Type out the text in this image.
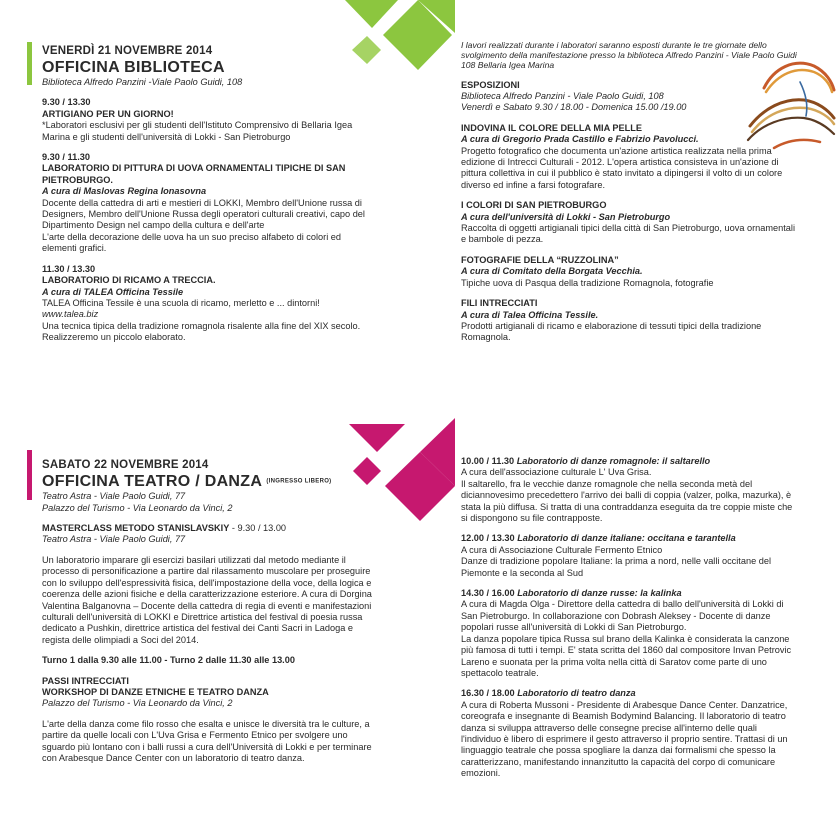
VENERDÌ 21 NOVEMBRE 2014
OFFICINA BIBLIOTECA
Biblioteca Alfredo Panzini -Viale Paolo Guidi, 108
9.30 / 13.30
ARTIGIANO PER UN GIORNO!
*Laboratori esclusivi per gli studenti dell'Istituto Comprensivo di Bellaria Igea Marina e gli studenti dell'università di Lokki - San Pietroburgo
9.30 / 11.30
LABORATORIO DI PITTURA DI UOVA ORNAMENTALI TIPICHE DI SAN PIETROBURGO.
A cura di Maslovas Regina Ionasovna
Docente della cattedra di arti e mestieri di LOKKI, Membro dell'Unione russa di Designers, Membro dell'Unione Russa degli operatori culturali creativi, capo del Dipartimento Design nel campo della cultura e dell'arte
L'arte della decorazione delle uova ha un suo preciso alfabeto di colori ed elementi grafici.
11.30 / 13.30
LABORATORIO DI RICAMO A TRECCIA.
A cura di TALEA Officina Tessile
TALEA Officina Tessile è una scuola di ricamo, merletto e ... dintorni!
www.talea.biz
Una tecnica tipica della tradizione romagnola risalente alla fine del XIX secolo. Realizzeremo un piccolo elaborato.
I lavori realizzati durante i laboratori saranno esposti durante le tre giornate dello svolgimento della manifestazione presso la biblioteca Alfredo Panzini - Viale Paolo Guidi 108 Bellaria Igea Marina
ESPOSIZIONI
Biblioteca Alfredo Panzini - Viale Paolo Guidi, 108
Venerdì e Sabato 9.30 / 18.00 - Domenica 15.00 /19.00
INDOVINA IL COLORE DELLA MIA PELLE
A cura di Gregorio Prada Castillo e Fabrizio Pavolucci.
Progetto fotografico che documenta un'azione artistica realizzata nella prima edizione di Intrecci Culturali - 2012. L'opera artistica consisteva in un'azione di pittura collettiva in cui il pubblico è stato invitato a dipingersi il volto di un colore diverso ed infine a farsi fotografare.
I COLORI DI SAN PIETROBURGO
A cura dell'università di Lokki - San Pietroburgo
Raccolta di oggetti artigianali tipici della città di San Pietroburgo, uova ornamentali e bambole di pezza.
FOTOGRAFIE DELLA “RUZZOLINA”
A cura di Comitato della Borgata Vecchia.
Tipiche uova di Pasqua della tradizione Romagnola, fotografie
FILI INTRECCIATI
A cura di Talea Officina Tessile.
Prodotti artigianali di ricamo e elaborazione di tessuti tipici della tradizione Romagnola.
SABATO 22 NOVEMBRE 2014
OFFICINA TEATRO / DANZA (INGRESSO LIBERO)
Teatro Astra - Viale Paolo Guidi, 77
Palazzo del Turismo - Via Leonardo da Vinci, 2
MASTERCLASS METODO STANISLAVSKIY - 9.30 / 13.00
Teatro Astra - Viale Paolo Guidi, 77
Un laboratorio imparare gli esercizi basilari utilizzati dal metodo mediante il processo di personificazione a partire dal rilassamento muscolare per proseguire con lo sviluppo dell'espressività fisica, dell'impostazione della voce, della logica e coerenza delle azioni fisiche e della caratterizzazione esteriore. A cura di Dorgina Valentina Balganovna – Docente della cattedra di regia di eventi e manifestazioni culturali dell'università di LOKKI e Direttrice artistica del festival di poesia russa dedicato a Pushkin, direttrice artistica del festival dei Canti Sacri in Ladoga e regista delle olimpiadi a Soci del 2014.
Turno 1 dalla 9.30 alle 11.00 - Turno 2 dalle 11.30 alle 13.00
PASSI INTRECCIATI
WORKSHOP DI DANZE ETNICHE E TEATRO DANZA
Palazzo del Turismo - Via Leonardo da Vinci, 2
L'arte della danza come filo rosso che esalta e unisce le diversità tra le culture, a partire da quelle locali con L'Uva Grisa e Fermento Etnico per svolgere uno sguardo più lontano con i balli russi a cura dell'Università di Lokki e per terminare con Arabesque Dance Center con un laboratorio di teatro danza.
10.00 / 11.30 Laboratorio di danze romagnole: il saltarello
A cura dell'associazione culturale L' Uva Grisa.
Il saltarello, fra le vecchie danze romagnole che nella seconda metà del diciannovesimo precedettero l'arrivo dei balli di coppia (valzer, polka, mazurka), è stata la più diffusa. Si tratta di una contraddanza eseguita da tre coppie miste che si dispongono su file contrapposte.
12.00 / 13.30 Laboratorio di danze italiane: occitana e tarantella
A cura di Associazione Culturale Fermento Etnico
Danze di tradizione popolare Italiane: la prima a nord, nelle valli occitane del Piemonte e la seconda al Sud
14.30 / 16.00 Laboratorio di danze russe: la kalinka
A cura di Magda Olga - Direttore della cattedra di ballo dell'università di Lokki di San Pietroburgo. In collaborazione con Dobrash Aleksey - Docente di danze popolari russe all'università di Lokki di San Pietroburgo.
La danza popolare tipica Russa sul brano della Kalinka è considerata la canzone più famosa di tutti i tempi. E' stata scritta del 1860 dal compositore Invan Petrovic Lareno e suonata per la prima volta nella città di Saratov come parte di uno spettacolo teatrale.
16.30 / 18.00 Laboratorio di teatro danza
A cura di Roberta Mussoni - Presidente di Arabesque Dance Center. Danzatrice, coreografa e insegnante di Beamish Bodymind Balancing. Il laboratorio di teatro danza si sviluppa attraverso delle consegne precise all'interno delle quali l'individuo è libero di esprimere il gesto attraverso il proprio sentire. Trattasi di un linguaggio teatrale che possa spogliare la danza dai formalismi che spesso la caratterizzano, manifestando innanzitutto la capacità del corpo di comunicare emozioni.
